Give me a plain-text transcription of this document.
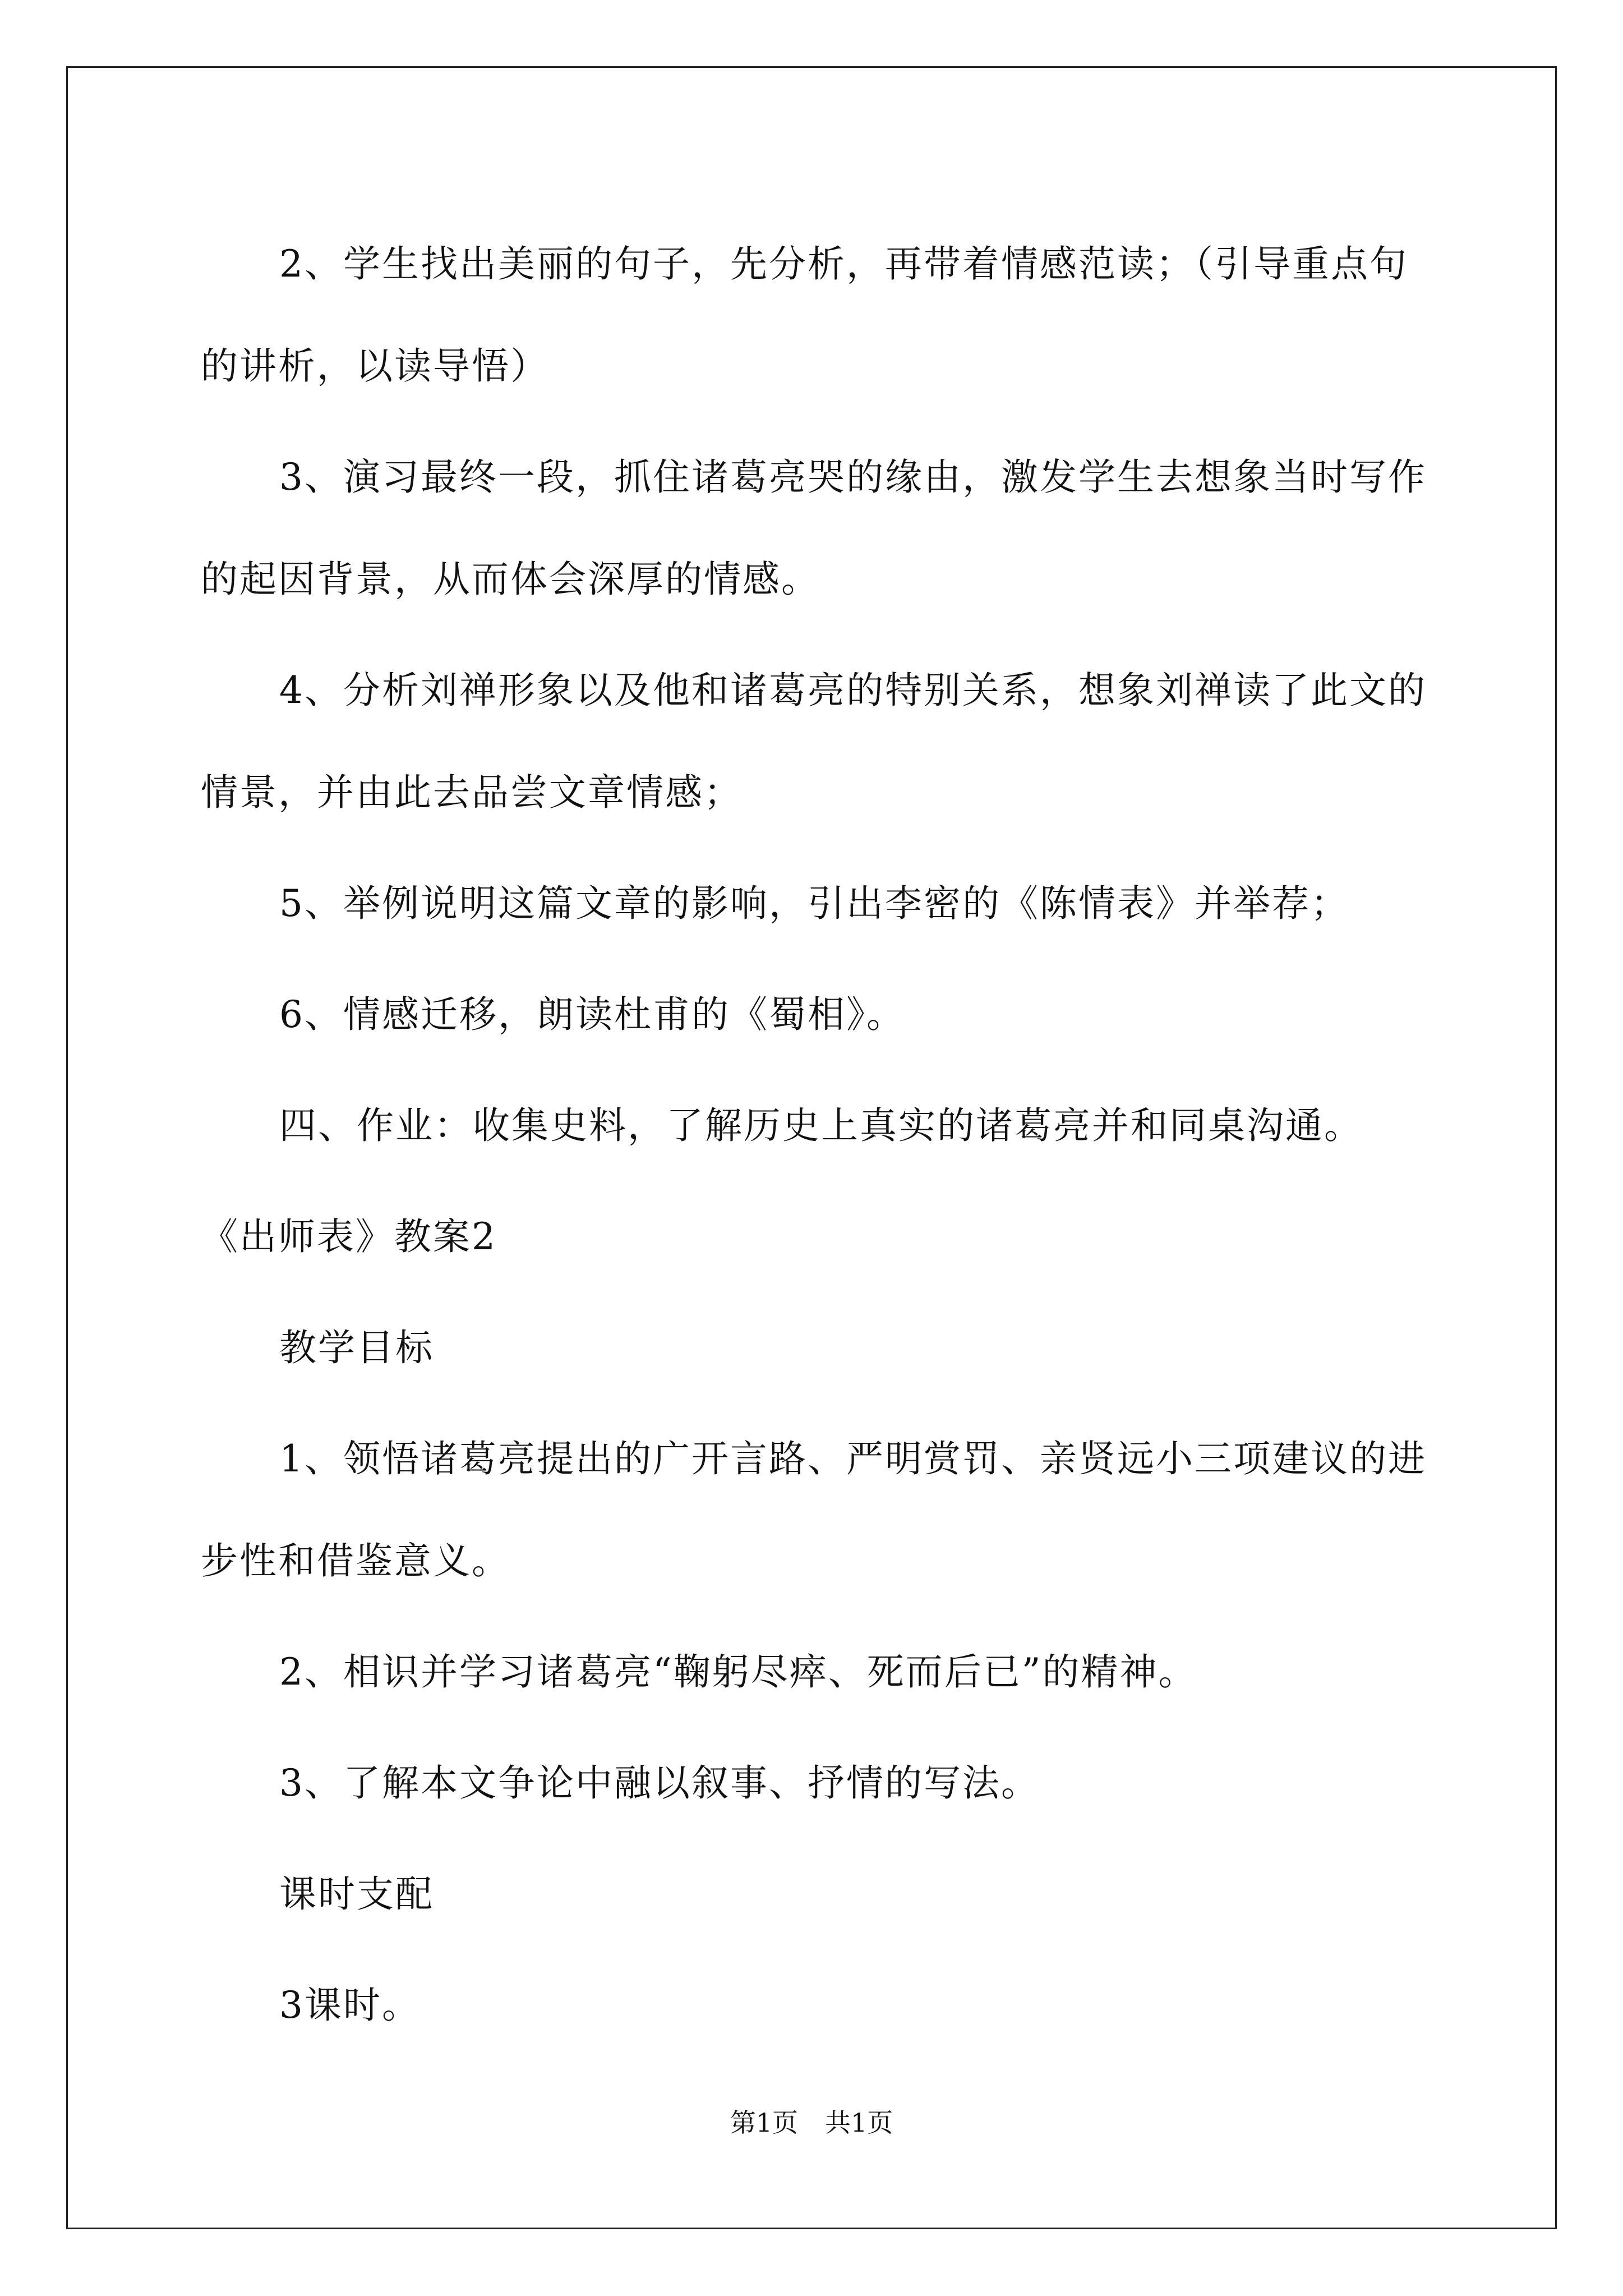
2、学生找出美丽的句子，先分析，再带着情感范读；（引导重点句的讲析，以读导悟）

3、演习最终一段，抓住诸葛亮哭的缘由，激发学生去想象当时写作的起因背景，从而体会深厚的情感。

4、分析刘禅形象以及他和诸葛亮的特别关系，想象刘禅读了此文的情景，并由此去品尝文章情感；

5、举例说明这篇文章的影响，引出李密的《陈情表》并举荐；

6、情感迁移，朗读杜甫的《蜀相》。

四、作业：收集史料，了解历史上真实的诸葛亮并和同桌沟通。

《出师表》教案2

教学目标

1、领悟诸葛亮提出的广开言路、严明赏罚、亲贤远小三项建议的进步性和借鉴意义。

2、相识并学习诸葛亮“鞠躬尽瘁、死而后已”的精神。

3、了解本文争论中融以叙事、抒情的写法。

课时支配

3课时。

第1页 共1页
